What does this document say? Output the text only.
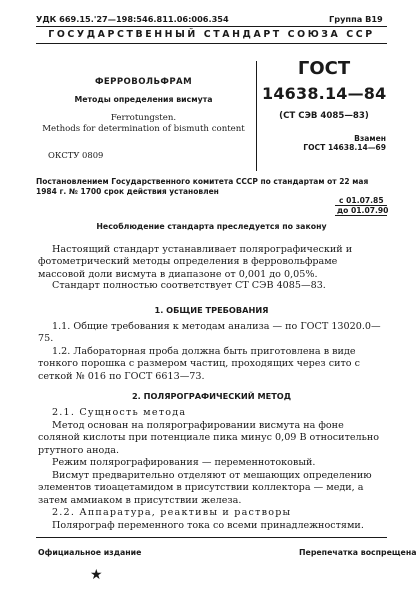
УДК 669.15.'27—198:546.811.06:006.354	Группа В19
ГОСУДАРСТВЕННЫЙ СТАНДАРТ СОЮЗА ССР
ФЕРРОВОЛЬФРАМ
Методы определения висмута
Ferrotungsten.
Methods for determination of bismuth content
ОКСТУ 0809
ГОСТ
14638.14—84
(СТ СЭВ 4085—83)
Взамен
ГОСТ 14638.14—69
Постановлением Государственного комитета СССР по стандартам от 22 мая
1984 г. № 1700 срок действия установлен
с 01.07.85
до 01.07.90
Несоблюдение стандарта преследуется по закону
Настоящий стандарт устанавливает полярографический и фотометрический методы определения в ферровольфраме массовой доли висмута в диапазоне от 0,001 до 0,05%.
Стандарт полностью соответствует СТ СЭВ 4085—83.
1. ОБЩИЕ ТРЕБОВАНИЯ
1.1. Общие требования к методам анализа — по ГОСТ 13020.0—75.
1.2. Лабораторная проба должна быть приготовлена в виде тонкого порошка с размером частиц, проходящих через сито с сеткой № 016 по ГОСТ 6613—73.
2. ПОЛЯРОГРАФИЧЕСКИЙ МЕТОД
2.1. Сущность метода
Метод основан на полярографировании висмута на фоне соляной кислоты при потенциале пика минус 0,09 В относительно ртутного анода.
Режим полярографирования — переменнотоковый.
Висмут предварительно отделяют от мешающих определению элементов тиоацетамидом в присутствии коллектора — меди, а затем аммиаком в присутствии железа.
2.2. Аппаратура, реактивы и растворы
Полярограф переменного тока со всеми принадлежностями.
Официальное издание	Перепечатка воспрещена
★
